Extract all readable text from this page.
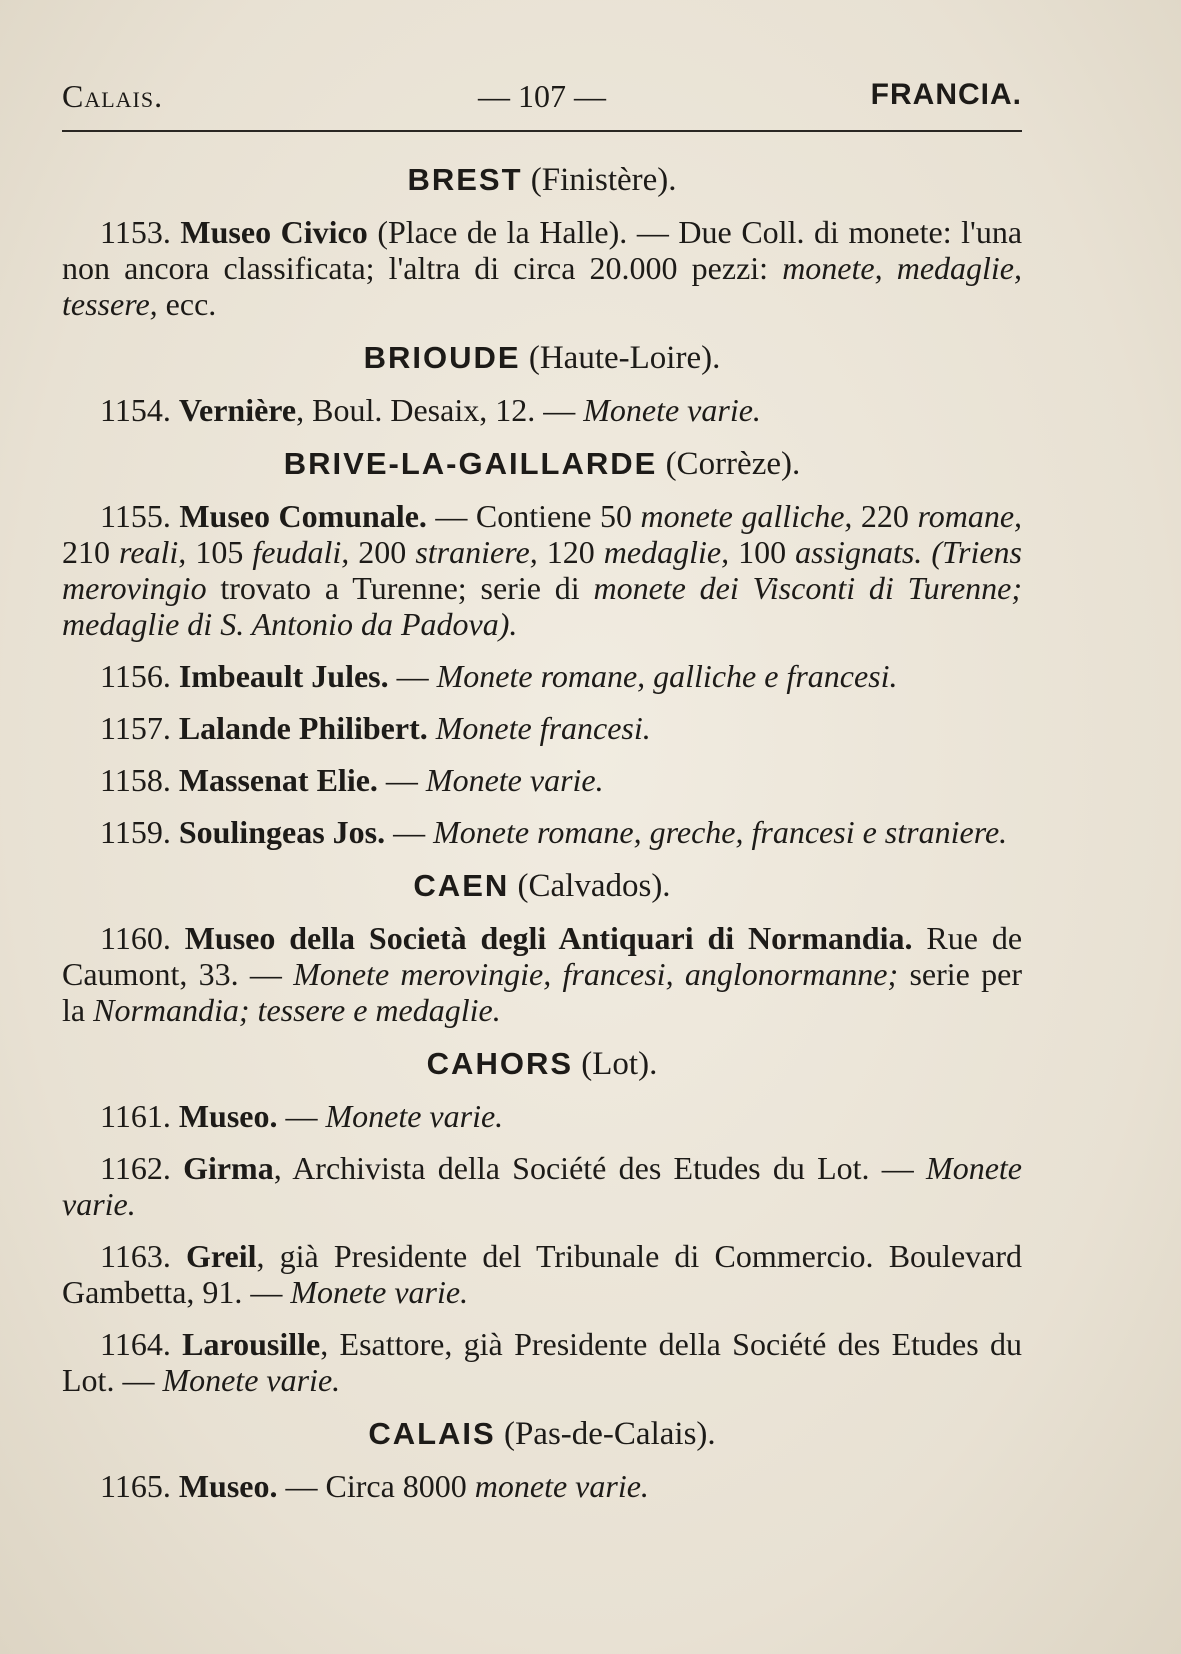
Calais.	— 107 —	FRANCIA.
BREST (Finistère).
1153. Museo Civico (Place de la Halle). — Due Coll. di monete: l'una non ancora classificata; l'altra di circa 20.000 pezzi: monete, medaglie, tessere, ecc.
BRIOUDE (Haute-Loire).
1154. Vernière, Boul. Desaix, 12. — Monete varie.
BRIVE-LA-GAILLARDE (Corrèze).
1155. Museo Comunale. — Contiene 50 monete galliche, 220 romane, 210 reali, 105 feudali, 200 straniere, 120 medaglie, 100 assignats. (Triens merovingio trovato a Turenne; serie di monete dei Visconti di Turenne; medaglie di S. Antonio da Padova).
1156. Imbeault Jules. — Monete romane, galliche e francesi.
1157. Lalande Philibert. Monete francesi.
1158. Massenat Elie. — Monete varie.
1159. Soulingeas Jos. — Monete romane, greche, francesi e straniere.
CAEN (Calvados).
1160. Museo della Società degli Antiquari di Normandia. Rue de Caumont, 33. — Monete merovingie, francesi, anglonormanne; serie per la Normandia; tessere e medaglie.
CAHORS (Lot).
1161. Museo. — Monete varie.
1162. Girma, Archivista della Société des Etudes du Lot. — Monete varie.
1163. Greil, già Presidente del Tribunale di Commercio. Boulevard Gambetta, 91. — Monete varie.
1164. Larousille, Esattore, già Presidente della Société des Etudes du Lot. — Monete varie.
CALAIS (Pas-de-Calais).
1165. Museo. — Circa 8000 monete varie.
